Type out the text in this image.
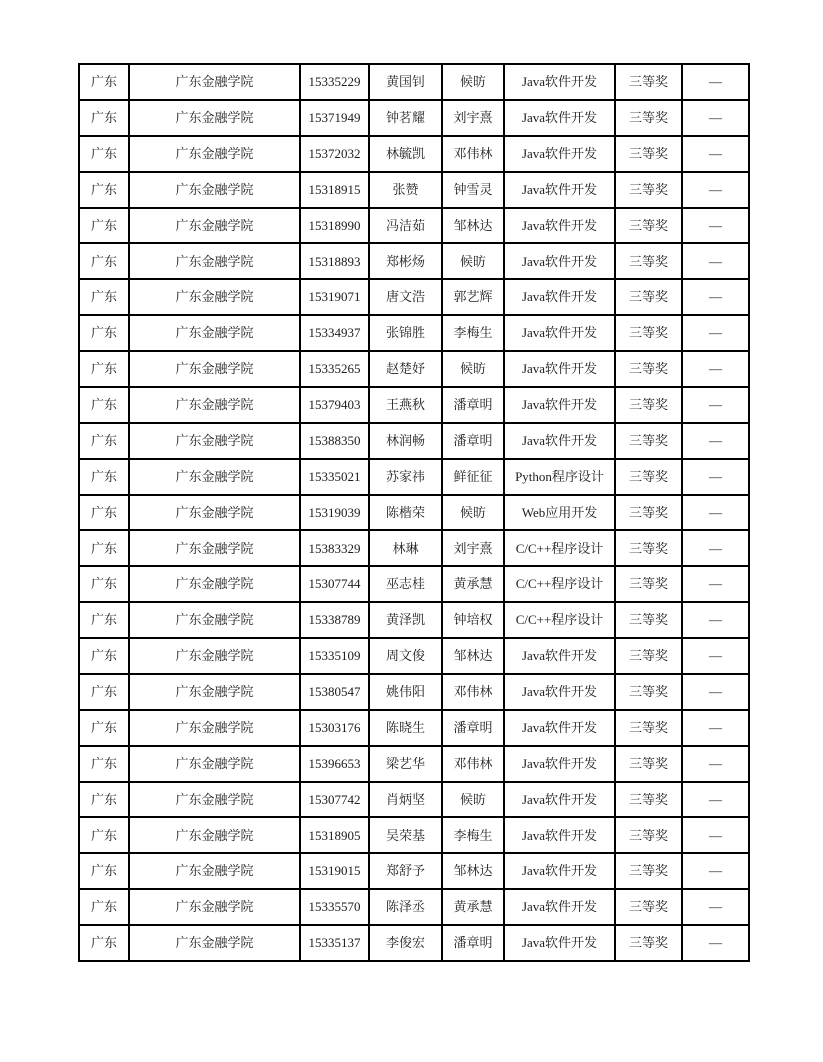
广东	广东金融学院	15335229	黄国钊	候昉	Java软件开发	三等奖	—
广东	广东金融学院	15371949	钟茗耀	刘宇熹	Java软件开发	三等奖	—
广东	广东金融学院	15372032	林毓凯	邓伟林	Java软件开发	三等奖	—
广东	广东金融学院	15318915	张赞	钟雪灵	Java软件开发	三等奖	—
广东	广东金融学院	15318990	冯洁茹	邹林达	Java软件开发	三等奖	—
广东	广东金融学院	15318893	郑彬炀	候昉	Java软件开发	三等奖	—
广东	广东金融学院	15319071	唐文浩	郭艺辉	Java软件开发	三等奖	—
广东	广东金融学院	15334937	张锦胜	李梅生	Java软件开发	三等奖	—
广东	广东金融学院	15335265	赵楚妤	候昉	Java软件开发	三等奖	—
广东	广东金融学院	15379403	王燕秋	潘章明	Java软件开发	三等奖	—
广东	广东金融学院	15388350	林润畅	潘章明	Java软件开发	三等奖	—
广东	广东金融学院	15335021	苏家祎	鲜征征	Python程序设计	三等奖	—
广东	广东金融学院	15319039	陈楷荣	候昉	Web应用开发	三等奖	—
广东	广东金融学院	15383329	林琳	刘宇熹	C/C++程序设计	三等奖	—
广东	广东金融学院	15307744	巫志桂	黄承慧	C/C++程序设计	三等奖	—
广东	广东金融学院	15338789	黄泽凯	钟培权	C/C++程序设计	三等奖	—
广东	广东金融学院	15335109	周文俊	邹林达	Java软件开发	三等奖	—
广东	广东金融学院	15380547	姚伟阳	邓伟林	Java软件开发	三等奖	—
广东	广东金融学院	15303176	陈晓生	潘章明	Java软件开发	三等奖	—
广东	广东金融学院	15396653	梁艺华	邓伟林	Java软件开发	三等奖	—
广东	广东金融学院	15307742	肖炳坚	候昉	Java软件开发	三等奖	—
广东	广东金融学院	15318905	吴荣基	李梅生	Java软件开发	三等奖	—
广东	广东金融学院	15319015	郑舒予	邹林达	Java软件开发	三等奖	—
广东	广东金融学院	15335570	陈泽丞	黄承慧	Java软件开发	三等奖	—
广东	广东金融学院	15335137	李俊宏	潘章明	Java软件开发	三等奖	—
